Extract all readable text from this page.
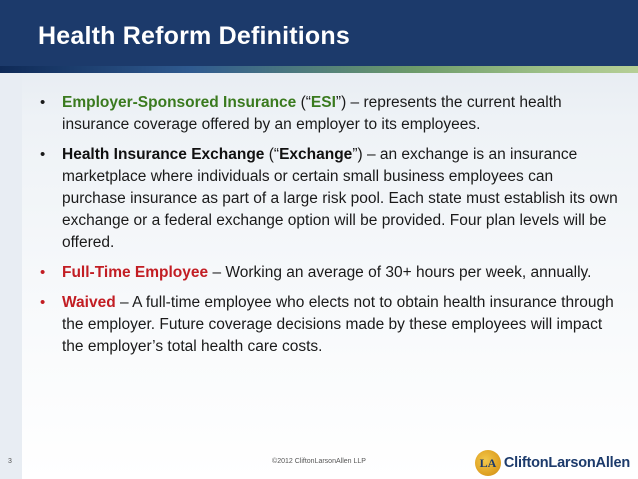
Health Reform Definitions
• Employer-Sponsored Insurance (“ESI”) – represents the current health insurance coverage offered by an employer to its employees.
• Health Insurance Exchange (“Exchange”) – an exchange is an insurance marketplace where individuals or certain small business employees can purchase insurance as part of a large risk pool. Each state must establish its own exchange or a federal exchange option will be provided. Four plan levels will be offered.
• Full-Time Employee – Working an average of 30+ hours per week, annually.
• Waived – A full-time employee who elects not to obtain health insurance through the employer. Future coverage decisions made by these employees will impact the employer’s total health care costs.
3	©2012 CliftonLarsonAllen LLP	LA CliftonLarsonAllen
